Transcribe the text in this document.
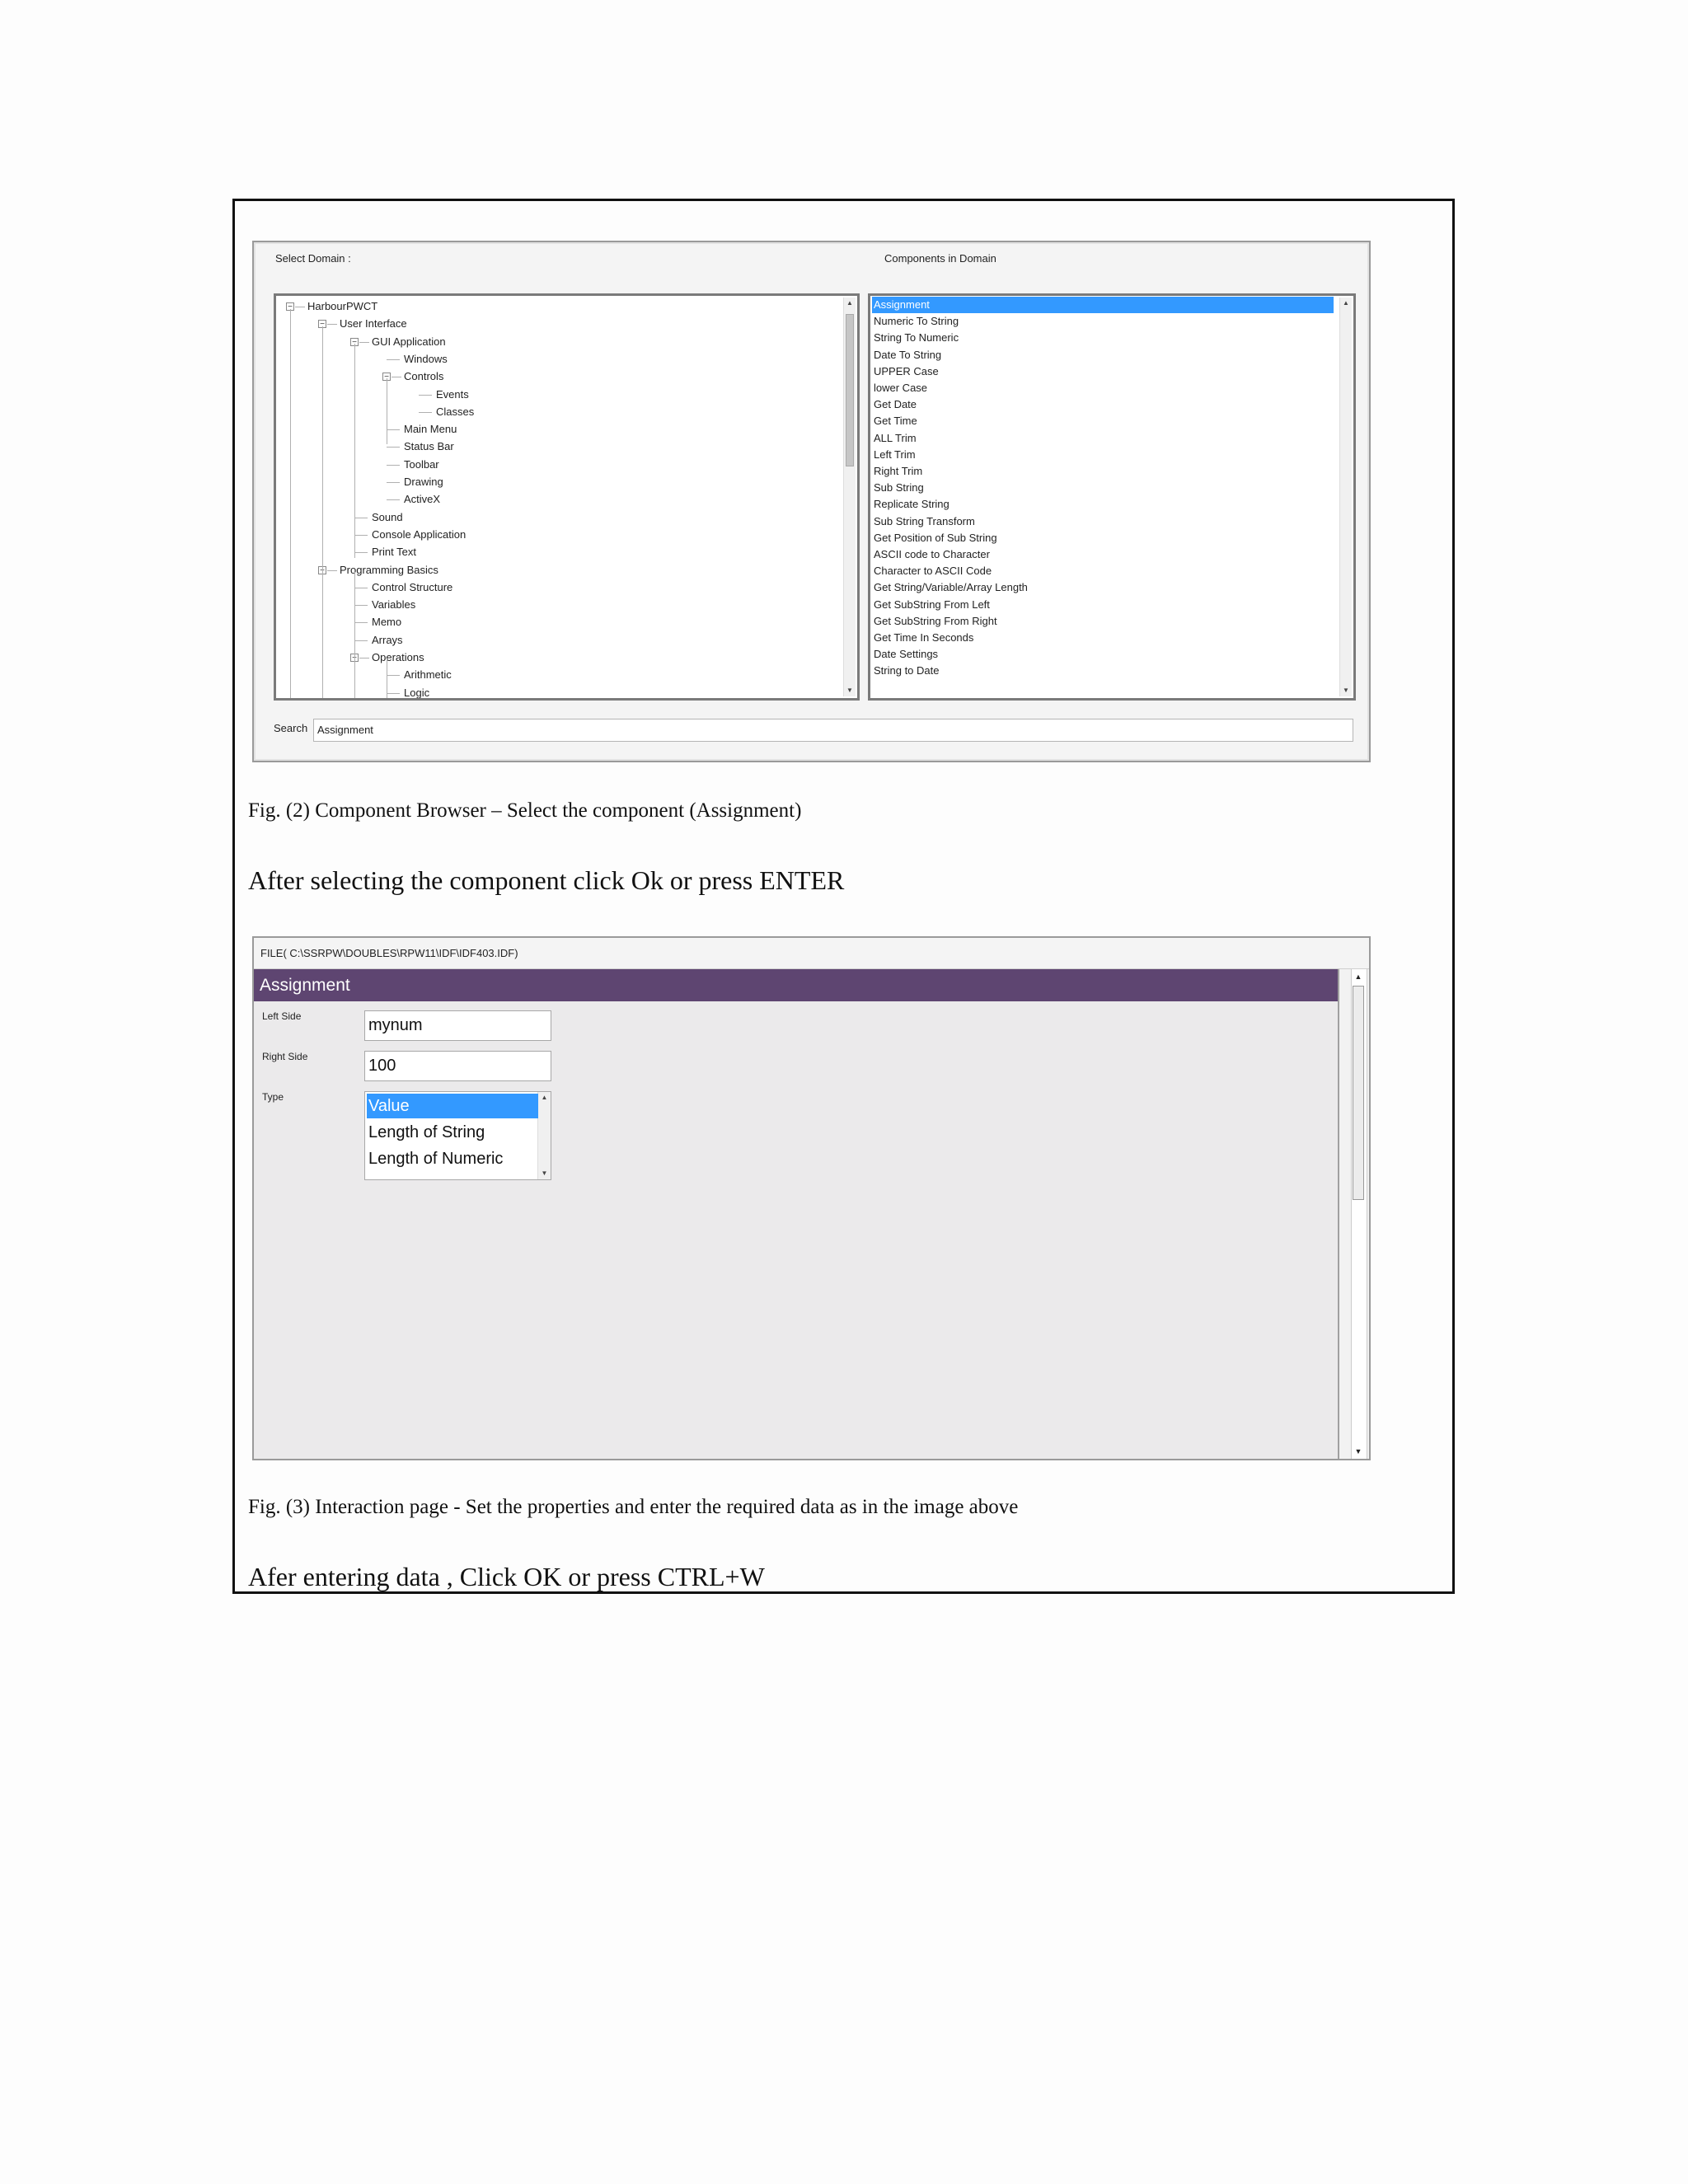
Select Domain :	Components in Domain
▲
▼
− HarbourPWCT
− User Interface
− GUI Application
Windows
− Controls
Events
Classes
Main Menu
Status Bar
Toolbar
Drawing
ActiveX
Sound
Console Application
Print Text
− Programming Basics
Control Structure
Variables
Memo
Arrays
− Operations
Arithmetic
Logic
▲
▼
Assignment
Numeric To String
String To Numeric
Date To String
UPPER Case
lower Case
Get Date
Get Time
ALL Trim
Left Trim
Right Trim
Sub String
Replicate String
Sub String Transform
Get Position of Sub String
ASCII code to Character
Character to ASCII Code
Get String/Variable/Array Length
Get SubString From Left
Get SubString From Right
Get Time In Seconds
Date Settings
String to Date
Search Assignment
Fig. (2) Component Browser – Select the component (Assignment)
After selecting the component click Ok or press ENTER
FILE( C:\SSRPW\DOUBLES\RPW11\IDF\IDF403.IDF)
Assignment
Left Side	mynum
Right Side	100
Type	▲
▼
Value
Length of String
Length of Numeric
▲
▼
Fig. (3) Interaction page - Set the properties and enter the required data as in the image above
Afer entering data , Click OK or press CTRL+W
